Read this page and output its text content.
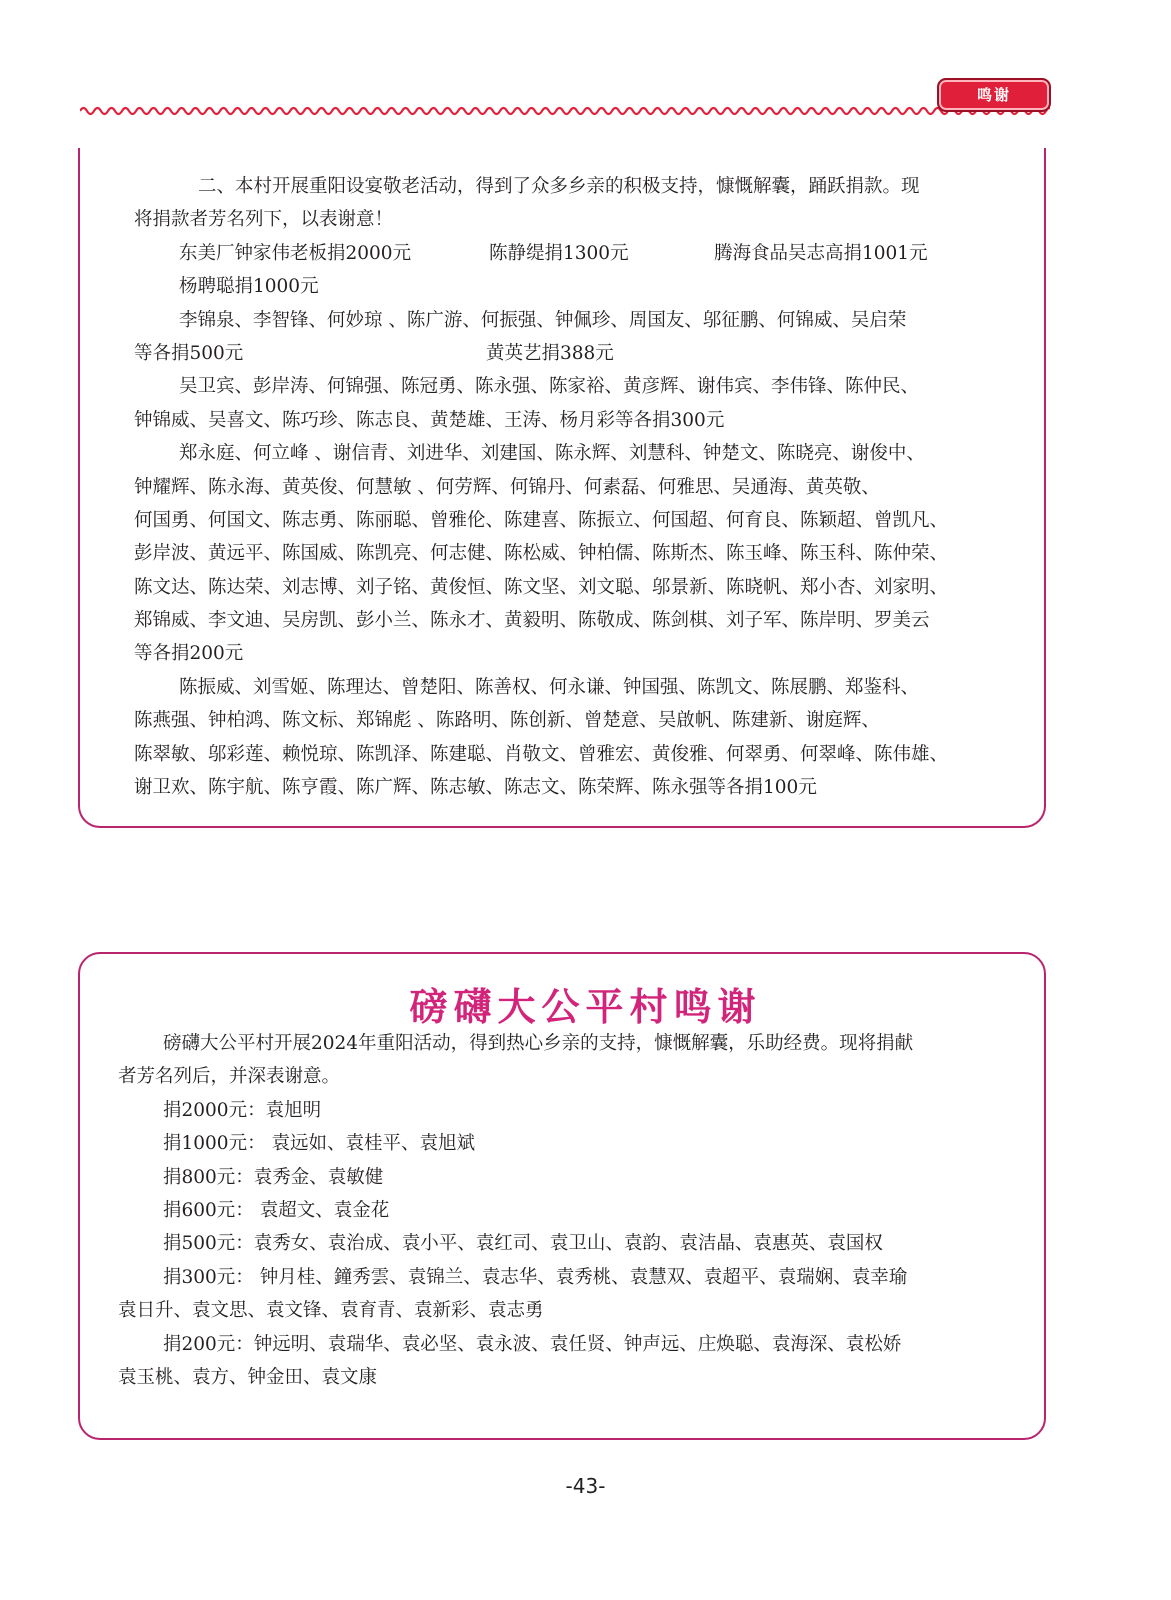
鸣谢
二、本村开展重阳设宴敬老活动，得到了众多乡亲的积极支持，慷慨解囊，踊跃捐款。现
将捐款者芳名列下，以表谢意！
东美厂钟家伟老板捐2000元	陈静缇捐1300元	腾海食品吴志高捐1001元
杨聘聪捐1000元
李锦泉、李智锋、何妙琼 、陈广游、何振强、钟佩珍、周国友、邬征鹏、何锦威、吴启荣
等各捐500元	黄英艺捐388元
吴卫宾、彭岸涛、何锦强、陈冠勇、陈永强、陈家裕、黄彦辉、谢伟宾、李伟锋、陈仲民、
钟锦威、吴喜文、陈巧珍、陈志良、黄楚雄、王涛、杨月彩等各捐300元
郑永庭、何立峰 、谢信青、刘进华、刘建国、陈永辉、刘慧科、钟楚文、陈晓亮、谢俊中、
钟耀辉、陈永海、黄英俊、何慧敏 、何劳辉、何锦丹、何素磊、何雅思、吴通海、黄英敬、
何国勇、何国文、陈志勇、陈丽聪、曾雅伦、陈建喜、陈振立、何国超、何育良、陈颖超、曾凯凡、
彭岸波、黄远平、陈国威、陈凯亮、何志健、陈松威、钟柏儒、陈斯杰、陈玉峰、陈玉科、陈仲荣、
陈文达、陈达荣、刘志博、刘子铭、黄俊恒、陈文坚、刘文聪、邬景新、陈晓帆、郑小杏、刘家明、
郑锦威、李文迪、吴房凯、彭小兰、陈永才、黄毅明、陈敬成、陈剑棋、刘子军、陈岸明、罗美云
等各捐200元
陈振威、刘雪姬、陈理达、曾楚阳、陈善权、何永谦、钟国强、陈凯文、陈展鹏、郑鉴科、
陈燕强、钟柏鸿、陈文标、郑锦彪 、陈路明、陈创新、曾楚意、吴啟帆、陈建新、谢庭辉、
陈翠敏、邬彩莲、赖悦琼、陈凯泽、陈建聪、肖敬文、曾雅宏、黄俊雅、何翠勇、何翠峰、陈伟雄、
谢卫欢、陈宇航、陈亨霞、陈广辉、陈志敏、陈志文、陈荣辉、陈永强等各捐100元
磅礴大公平村鸣谢
磅礴大公平村开展2024年重阳活动，得到热心乡亲的支持，慷慨解囊，乐助经费。现将捐献
者芳名列后，并深表谢意。
捐2000元：袁旭明
捐1000元： 袁远如、袁桂平、袁旭斌
捐800元：袁秀金、袁敏健
捐600元： 袁超文、袁金花
捐500元：袁秀女、袁治成、袁小平、袁红司、袁卫山、袁韵、袁洁晶、袁惠英、袁国权
捐300元： 钟月桂、鐘秀雲、袁锦兰、袁志华、袁秀桃、袁慧双、袁超平、袁瑞娴、袁幸瑜
袁日升、袁文思、袁文锋、袁育青、袁新彩、袁志勇
捐200元：钟远明、袁瑞华、袁必坚、袁永波、袁任贤、钟声远、庄焕聪、袁海深、袁松娇
袁玉桃、袁方、钟金田、袁文康
-43-
